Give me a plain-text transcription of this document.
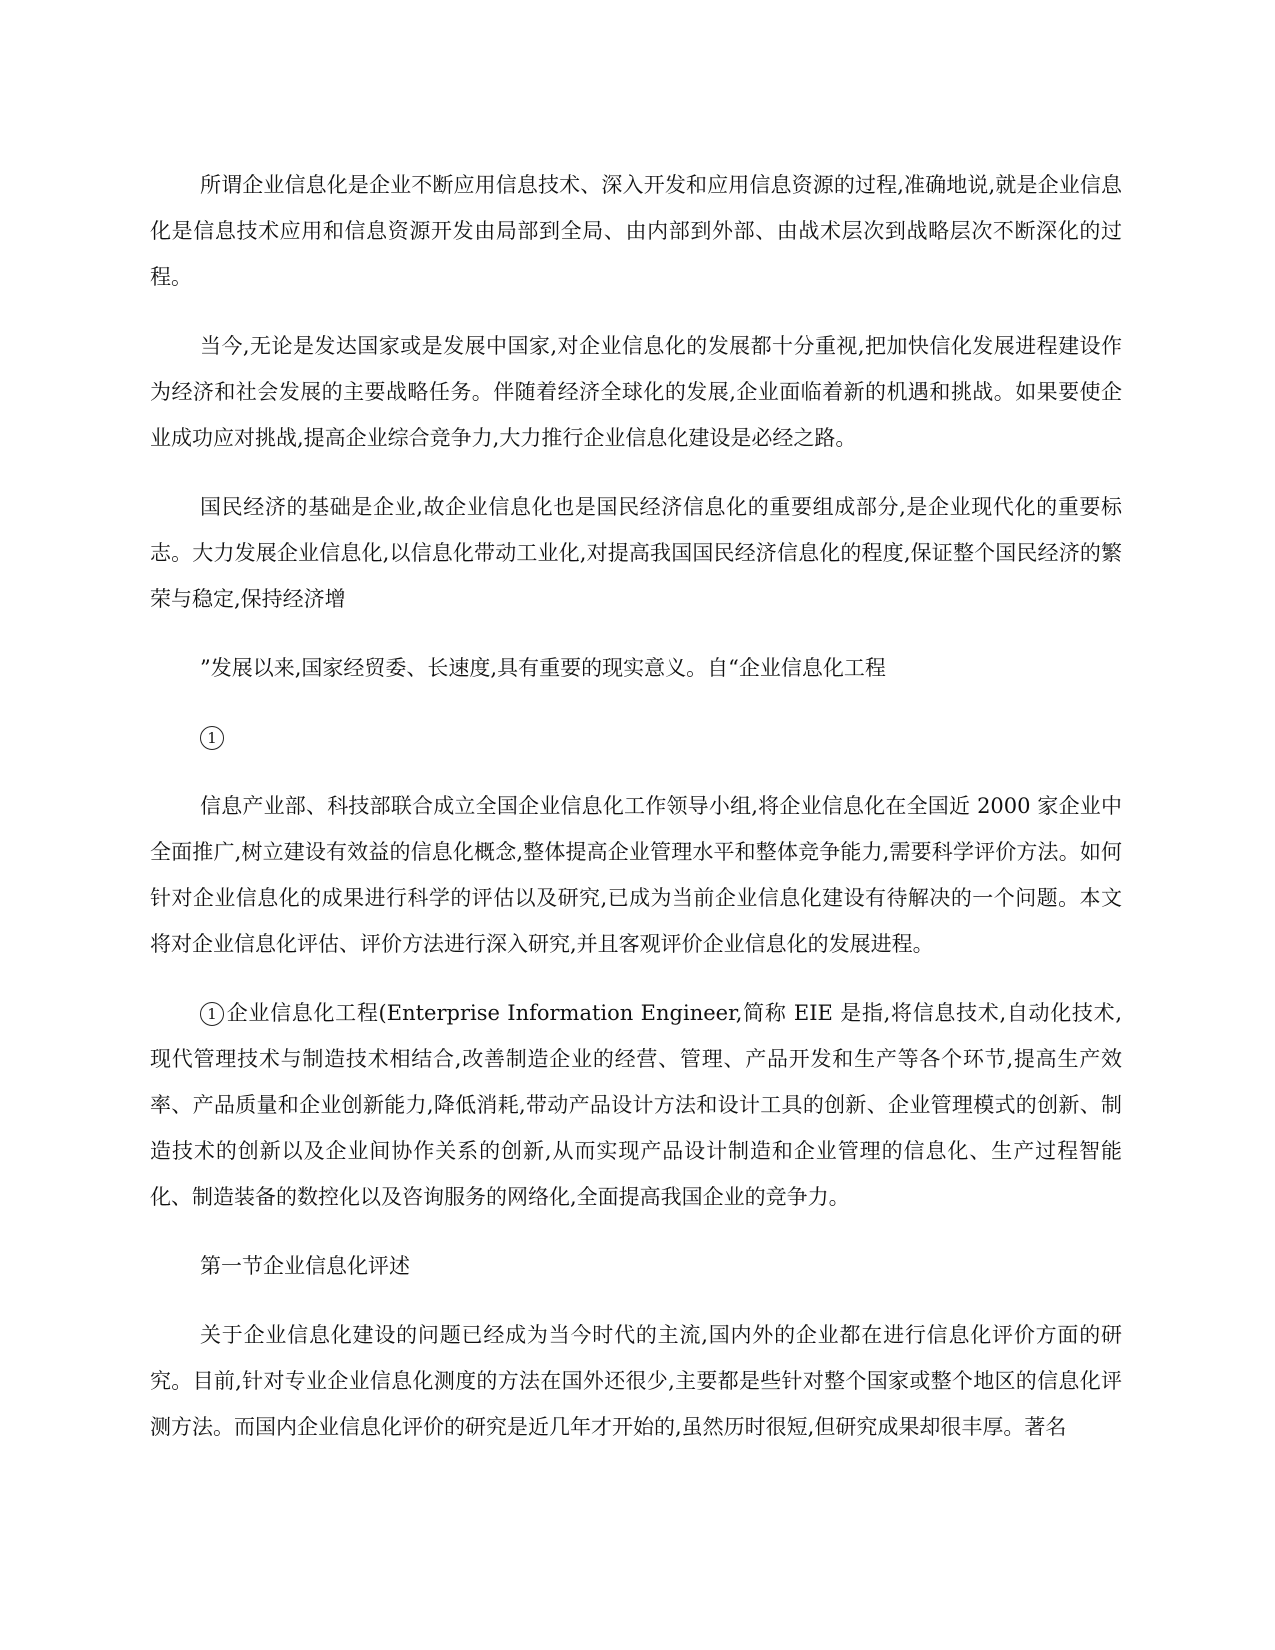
所谓企业信息化是企业不断应用信息技术、深入开发和应用信息资源的过程,准确地说,就是企业信息化是信息技术应用和信息资源开发由局部到全局、由内部到外部、由战术层次到战略层次不断深化的过程。

当今,无论是发达国家或是发展中国家,对企业信息化的发展都十分重视,把加快信化发展进程建设作为经济和社会发展的主要战略任务。伴随着经济全球化的发展,企业面临着新的机遇和挑战。如果要使企业成功应对挑战,提高企业综合竞争力,大力推行企业信息化建设是必经之路。

国民经济的基础是企业,故企业信息化也是国民经济信息化的重要组成部分,是企业现代化的重要标志。大力发展企业信息化,以信息化带动工业化,对提高我国国民经济信息化的程度,保证整个国民经济的繁荣与稳定,保持经济增

”发展以来,国家经贸委、长速度,具有重要的现实意义。自“企业信息化工程

1

信息产业部、科技部联合成立全国企业信息化工作领导小组,将企业信息化在全国近 2000 家企业中全面推广,树立建设有效益的信息化概念,整体提高企业管理水平和整体竞争能力,需要科学评价方法。如何针对企业信息化的成果进行科学的评估以及研究,已成为当前企业信息化建设有待解决的一个问题。本文将对企业信息化评估、评价方法进行深入研究,并且客观评价企业信息化的发展进程。

1 企业信息化工程(Enterprise Information Engineer,简称 EIE 是指,将信息技术,自动化技术,现代管理技术与制造技术相结合,改善制造企业的经营、管理、产品开发和生产等各个环节,提高生产效率、产品质量和企业创新能力,降低消耗,带动产品设计方法和设计工具的创新、企业管理模式的创新、制造技术的创新以及企业间协作关系的创新,从而实现产品设计制造和企业管理的信息化、生产过程智能化、制造装备的数控化以及咨询服务的网络化,全面提高我国企业的竞争力。

第一节企业信息化评述

关于企业信息化建设的问题已经成为当今时代的主流,国内外的企业都在进行信息化评价方面的研究。目前,针对专业企业信息化测度的方法在国外还很少,主要都是些针对整个国家或整个地区的信息化评测方法。而国内企业信息化评价的研究是近几年才开始的,虽然历时很短,但研究成果却很丰厚。著名
